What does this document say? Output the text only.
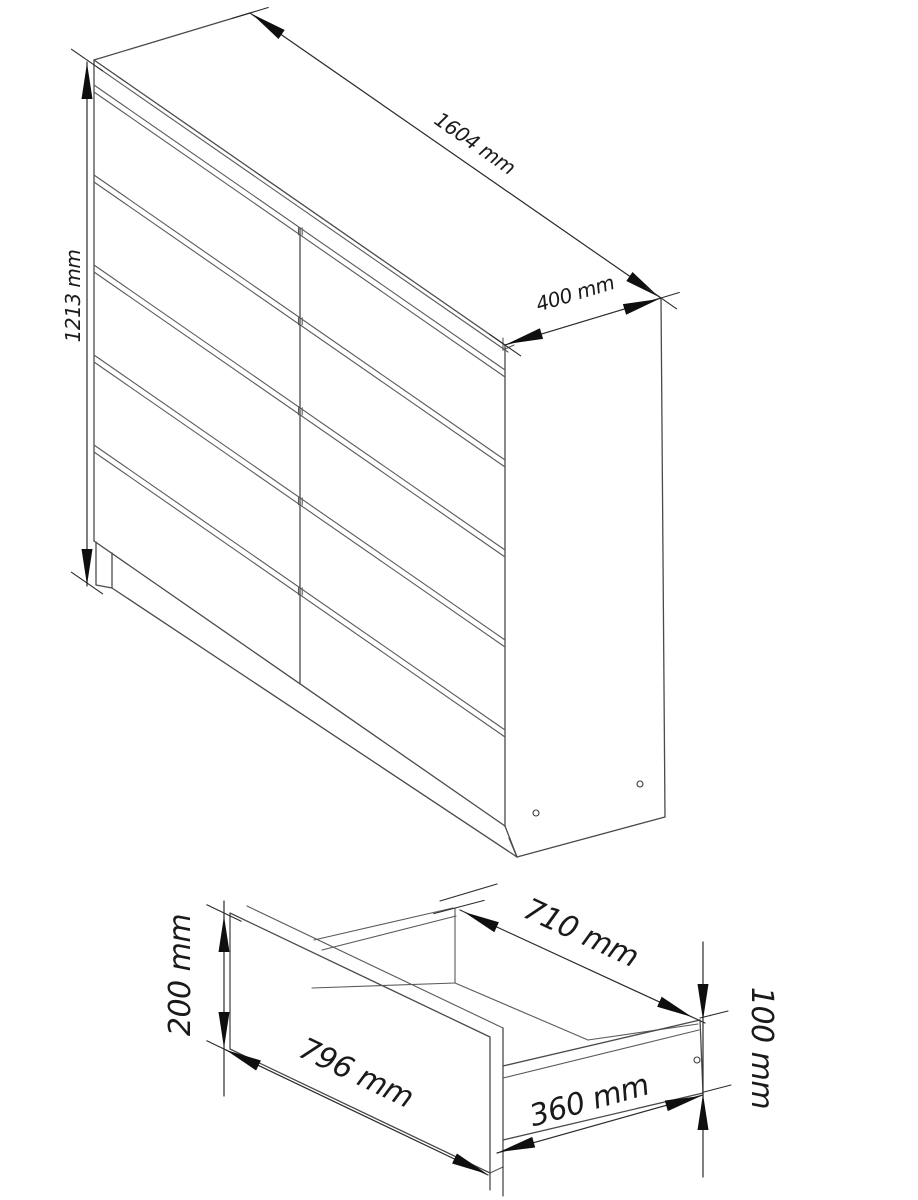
1604 mm
400 mm
1213 mm
200 mm
796 mm
710 mm
360 mm	100 mm
